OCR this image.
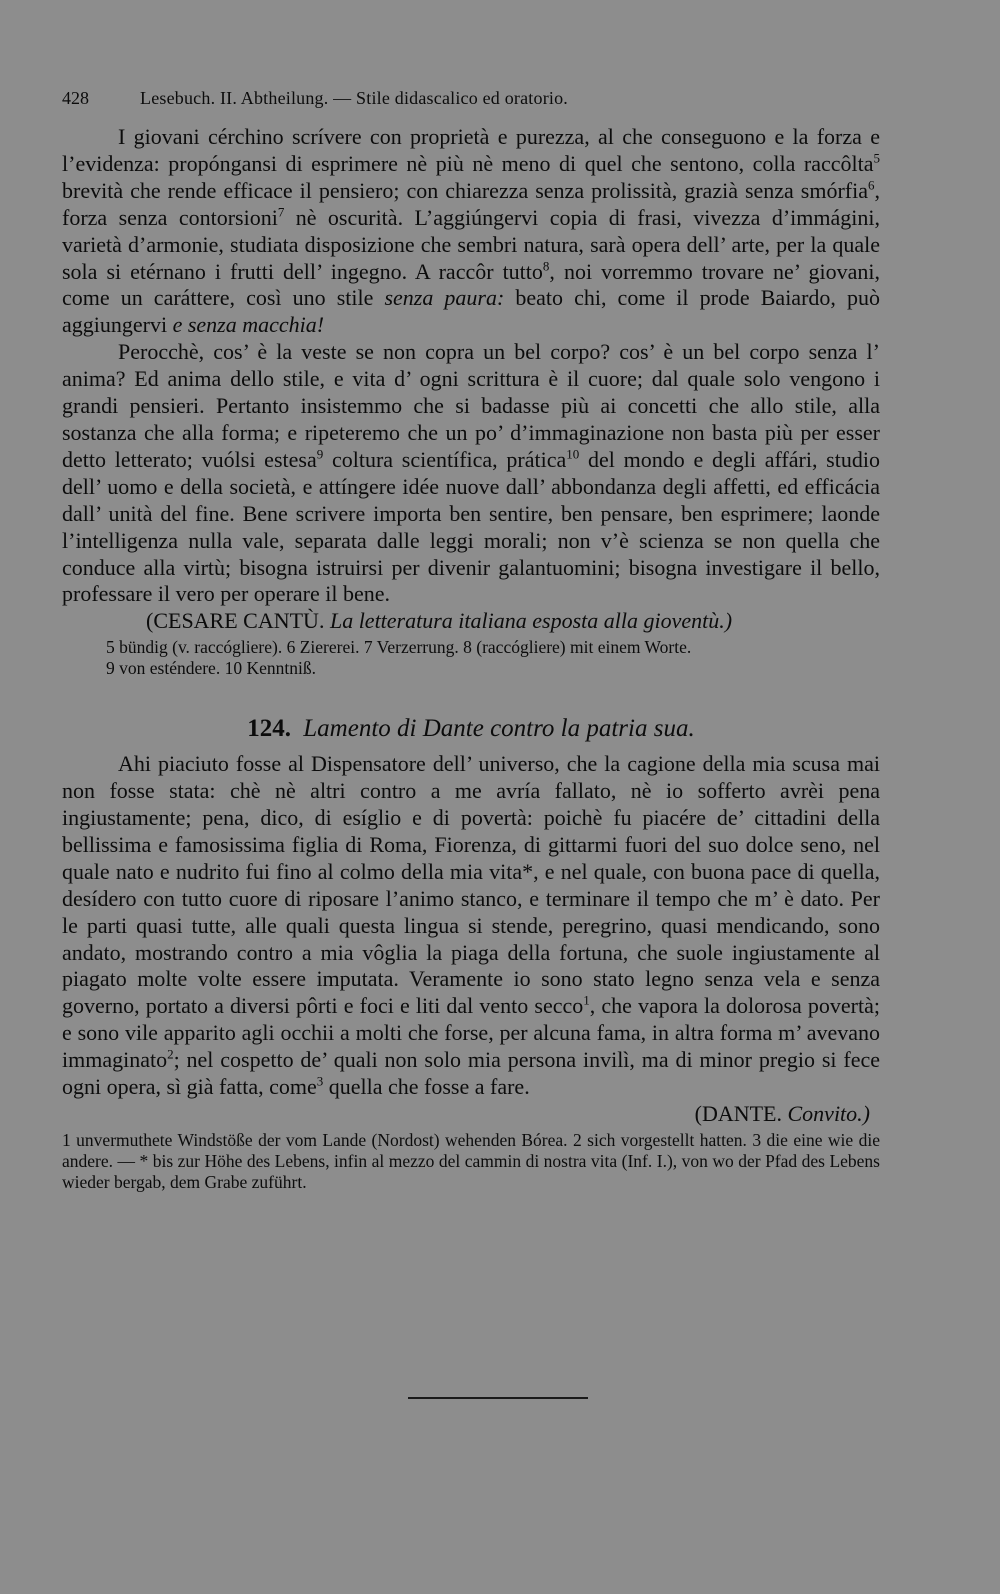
428	Lesebuch. II. Abtheilung. — Stile didascalico ed oratorio.

I giovani cérchino scrívere con proprietà e purezza, al che conseguono e la forza e l’evidenza: propóngansi di esprimere nè più nè meno di quel che sentono, colla raccôlta$^5$ brevità che rende efficace il pensiero; con chiarezza senza prolissità, grazià senza smórfia$^6$, forza senza contorsioni$^7$ nè oscurità. L’aggiúngervi copia di frasi, vivezza d’immágini, varietà d’armonie, studiata disposizione che sembri natura, sarà opera dell’ arte, per la quale sola si etérnano i frutti dell’ ingegno. A raccôr tutto$^8$, noi vorremmo trovare ne’ giovani, come un caráttere, così uno stile senza paura: beato chi, come il prode Baiardo, può aggiungervi e senza macchia!

Perocchè, cos’ è la veste se non copra un bel corpo? cos’ è un bel corpo senza l’ anima? Ed anima dello stile, e vita d’ ogni scrittura è il cuore; dal quale solo vengono i grandi pensieri. Pertanto insistemmo che si badasse più ai concetti che allo stile, alla sostanza che alla forma; e ripeteremo che un po’ d’immaginazione non basta più per esser detto letterato; vuólsi estesa$^9$ coltura scientífica, prática$^{10}$ del mondo e degli affári, studio dell’ uomo e della società, e attíngere idée nuove dall’ abbondanza degli affetti, ed efficácia dall’ unità del fine. Bene scrivere importa ben sentire, ben pensare, ben esprimere; laonde l’intelligenza nulla vale, separata dalle leggi morali; non v’è scienza se non quella che conduce alla virtù; bisogna istruirsi per divenir galantuomini; bisogna investigare il bello, professare il vero per operare il bene.

(CESARE CANTÙ. La letteratura italiana esposta alla gioventù.)
5 bündig (v. raccógliere). 6 Ziererei. 7 Verzerrung. 8 (raccógliere) mit einem Worte.
9 von esténdere. 10 Kenntniß.
124. Lamento di Dante contro la patria sua.

Ahi piaciuto fosse al Dispensatore dell’ universo, che la cagione della mia scusa mai non fosse stata: chè nè altri contro a me avría fallato, nè io sofferto avrèi pena ingiustamente; pena, dico, di esíglio e di povertà: poichè fu piacére de’ cittadini della bellissima e famosissima figlia di Roma, Fiorenza, di gittarmi fuori del suo dolce seno, nel quale nato e nudrito fui fino al colmo della mia vita*, e nel quale, con buona pace di quella, desídero con tutto cuore di riposare l’animo stanco, e terminare il tempo che m’ è dato. Per le parti quasi tutte, alle quali questa lingua si stende, peregrino, quasi mendicando, sono andato, mostrando contro a mia vôglia la piaga della fortuna, che suole ingiustamente al piagato molte volte essere imputata. Veramente io sono stato legno senza vela e senza governo, portato a diversi pôrti e foci e liti dal vento secco$^1$, che vapora la dolorosa povertà; e sono vile apparito agli occhii a molti che forse, per alcuna fama, in altra forma m’ avevano immaginato$^2$; nel cospetto de’ quali non solo mia persona invilì, ma di minor pregio si fece ogni opera, sì già fatta, come$^3$ quella che fosse a fare.

(DANTE. Convito.)
1 unvermuthete Windstöße der vom Lande (Nordost) wehenden Bórea. 2 sich vorgestellt hatten. 3 die eine wie die andere. — * bis zur Höhe des Lebens, infin al mezzo del cammin di nostra vita (Inf. I.), von wo der Pfad des Lebens wieder bergab, dem Grabe zuführt.
